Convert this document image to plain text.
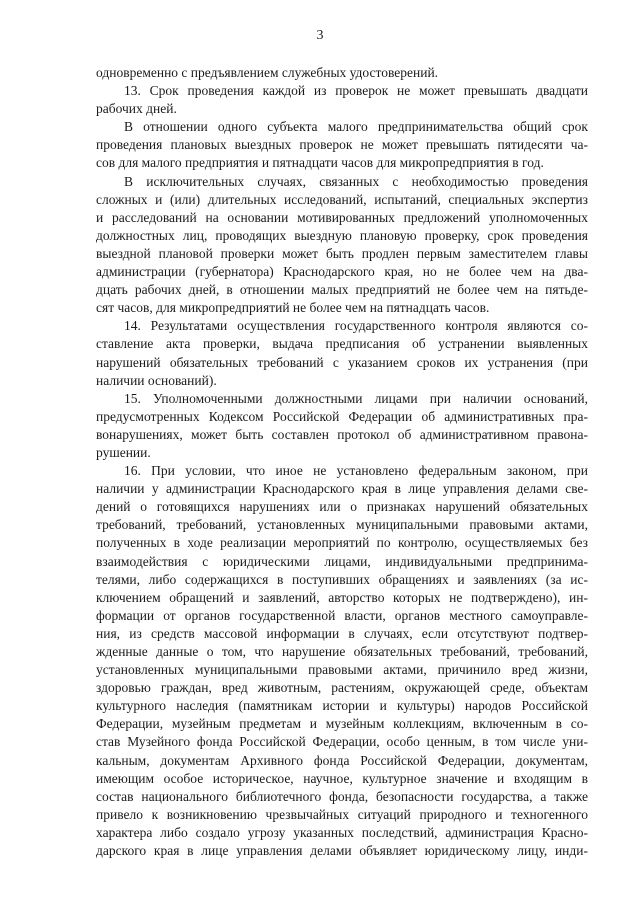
3
одновременно с предъявлением служебных удостоверений.
13. Срок проведения каждой из проверок не может превышать двадцати
рабочих дней.
В отношении одного субъекта малого предпринимательства общий срок
проведения плановых выездных проверок не может превышать пятидесяти ча-
сов для малого предприятия и пятнадцати часов для микропредприятия в год.
В исключительных случаях, связанных с необходимостью проведения
сложных и (или) длительных исследований, испытаний, специальных экспертиз
и расследований на основании мотивированных предложений уполномоченных
должностных лиц, проводящих выездную плановую проверку, срок проведения
выездной плановой проверки может быть продлен первым заместителем главы
администрации (губернатора) Краснодарского края, но не более чем на два-
дцать рабочих дней, в отношении малых предприятий не более чем на пятьде-
сят часов, для микропредприятий не более чем на пятнадцать часов.
14. Результатами осуществления государственного контроля являются со-
ставление акта проверки, выдача предписания об устранении выявленных
нарушений обязательных требований с указанием сроков их устранения (при
наличии оснований).
15. Уполномоченными должностными лицами при наличии оснований,
предусмотренных Кодексом Российской Федерации об административных пра-
вонарушениях, может быть составлен протокол об административном правона-
рушении.
16. При условии, что иное не установлено федеральным законом, при
наличии у администрации Краснодарского края в лице управления делами све-
дений о готовящихся нарушениях или о признаках нарушений обязательных
требований, требований, установленных муниципальными правовыми актами,
полученных в ходе реализации мероприятий по контролю, осуществляемых без
взаимодействия с юридическими лицами, индивидуальными предпринима-
телями, либо содержащихся в поступивших обращениях и заявлениях (за ис-
ключением обращений и заявлений, авторство которых не подтверждено), ин-
формации от органов государственной власти, органов местного самоуправле-
ния, из средств массовой информации в случаях, если отсутствуют подтвер-
жденные данные о том, что нарушение обязательных требований, требований,
установленных муниципальными правовыми актами, причинило вред жизни,
здоровью граждан, вред животным, растениям, окружающей среде, объектам
культурного наследия (памятникам истории и культуры) народов Российской
Федерации, музейным предметам и музейным коллекциям, включенным в со-
став Музейного фонда Российской Федерации, особо ценным, в том числе уни-
кальным, документам Архивного фонда Российской Федерации, документам,
имеющим особое историческое, научное, культурное значение и входящим в
состав национального библиотечного фонда, безопасности государства, а также
привело к возникновению чрезвычайных ситуаций природного и техногенного
характера либо создало угрозу указанных последствий, администрация Красно-
дарского края в лице управления делами объявляет юридическому лицу, инди-
